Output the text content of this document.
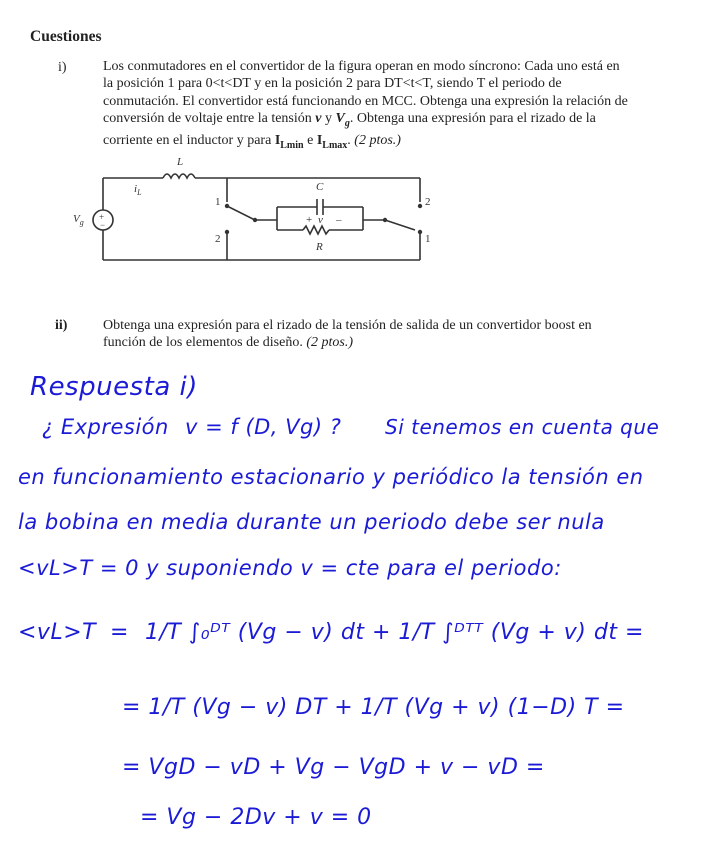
Cuestiones
i)	Los conmutadores en el convertidor de la figura operan en modo síncrono: Cada uno está en la posición 1 para 0<t<DT y en la posición 2 para DT<t<T, siendo T el periodo de conmutación. El convertidor está funcionando en MCC. Obtenga una expresión la relación de conversión de voltaje entre la tensión v y $V_g$. Obtenga una expresión para el rizado de la corriente en el inductor y para $I_{Lmin}$ e $I_{Lmax}$. (2 ptos.)
L
$i_L$	C
R
+ v –
$V_g$
+
−
1
2
2
1
ii)	Obtenga una expresión para el rizado de la tensión de salida de un convertidor boost en función de los elementos de diseño. (2 ptos.)
Respuesta i)
¿ Expresión v = f (D, Vg) ? Si tenemos en cuenta que
en funcionamiento estacionario y periódico la tensión en
la bobina en media durante un periodo debe ser nula
<vL>T = 0 y suponiendo v = cte para el periodo:
<vL>T = 1/T ∫₀ᴰᵀ (Vg − v) dt + 1/T ∫ᴰᵀᵀ (Vg + v) dt =
= 1/T (Vg − v) DT + 1/T (Vg + v) (1−D) T =
= VgD − vD + Vg − VgD + v − vD =
= Vg − 2Dv + v = 0
